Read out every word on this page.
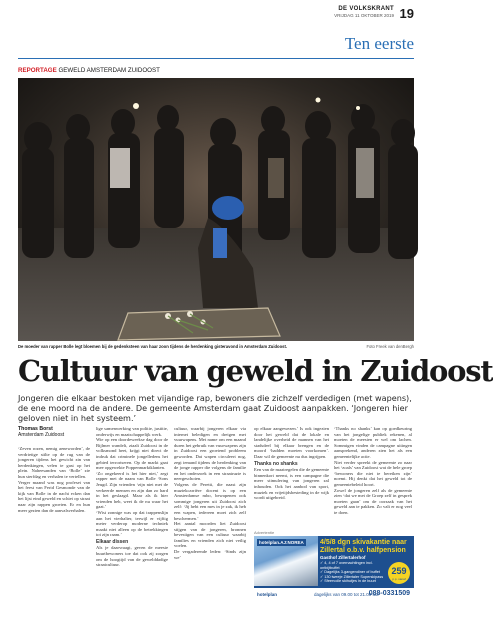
DE VOLKSKRANT
VRIJDAG 11 OKTOBER 2019 19
Ten eerste
REPORTAGE GEWELD AMSTERDAM ZUIDOOST
De moeder van rapper Bolle legt bloemen bij de gedenksteen van haar zoon tijdens de herdenking gisteravond in Amsterdam Zuidoost.	Foto Freek van denBergh
Cultuur van geweld in Zuidoost
Jongeren die elkaar bestoken met vijandige rap, bewoners die zichzelf verdedigen (met wapens), de ene moord na de andere. De gemeente Amsterdam gaat Zuidoost aanpakken. ‘Jongeren hier geloven niet in het systeem.’
Thomas Borst
Amsterdam Zuidoost

‘Zeven rozen, nemig aeneworden’, de verdrietige stilte op de rug van de jongeren tijdens het gewicht zin van herdenkingen, velen te gast op het plein. Naheesanden van ‘Bolle’ zie hun sterfdag en verhalen te vertellen.

Verger maand was nog profeset van het feest van Ferid Gesmonde van de kijk van Bolle in de nacht ecken dan het lijst eind geweld en schiet op straat naar zijn rappen groeien. Er en hun meer gezien dan de aanvalsverhalen.

lige samenwerking van politie, justitie, onderwijs en maatschappelijk werk.

Wie op een doordeweekse dag door de Bijlmer wandelt, ziaalt Zuidoost in de volksmond heet, krijgt niet direct de indruk dat criminele jongelledens het gebied terroriseren. Op de markt gaat mee opgewekte Poppenmarktklanten.

‘Zo ongekeerd is het hier niet,’ zegt rapper met de naam van Bolle ‘Sons Jeugd. Zijn vrienden ‘zijn niet met de verkeerde mensen en zijn dan zo hard in het geslaagd. Maar als ik hier vrienden heb, weet ik de nu waar het gaat.’

‘Wist zonnige was op dat trappenslijn aan het vierhalter, terwijl er vijftig meter verderop moderne techniek maakt niet alleen op de betrekkingen tot zijn raam.’

Elkaar dissen

Als je daarvraagt, geven de meeste buurtbewoners toe dat ook zij zorgen om de hoogtijd van de gewelddadige straatcultuur.

cultuur, waarbij jongeren elkaar via internet beledigen en dreigen met vuurwapens. Met name om een maand duren het gebruik van vuurwapens zijn in Zuidoost een groeiend probleem geworden. Dat wapen circuleert nog, zegt iemand tijdens de herdenking van de jonge rapper die volgens de familie en het onderzoek in een straatruzie is neergeschoten.

Volgens de Peretti, die naast zijn muziekcarrière docent is op een Amsterdamse mbo, bewapenen ook sommige jongeren uit Zuidoost zich zelf: ‘Jij hebt een mes in je zak, ik heb een wapen, iedereen moet zich zelf beschermen.’

Het aantal moorden liet Zuidoost stijgen van de jongeren, bronnen bevestigen van een cultuur waarbij families en vrienden zich niet veilig voelen.

De vergaderende leden: ‘Sinds zijn we’

op elkaar aangewezen.’ Is ook ingezien door het geweld dat de lokale en landelijke overheid de mannen van het stadsdeel bij elkaar brengen en de moord ‘hadden moeten voorkomen’. Daar wil de gemeente nu dus ingrijpen.

Thanks no shanks

Een van de maatregelen die de gemeente binnenkort neemt, is een campagne die meer stimulering van jongeren zal inhouden. Ook het aanbod van sport, muziek en vrijetijdsbesteding in de wijk wordt uitgebreid.

‘Thanks no shanks’ kan op goedkeuring van het jongelige publiek rekenen, al moeten de meesten er wel om lachen. Sommigen vinden de campagne uitingen aansprekend, anderen zien het als een gemeentelijke actie.

Niet verder spreekt de gemeente zo naar het ‘zoals’ van Zuidoost wat de hele groep ‘bewoners die niet te bereiken zijn’ noemt. Hij denkt dat het geweld tot de gemeentebeleid hoort.

Zowel de jongeren zelf als de gemeente zien ‘dat we met de Groep zelf in gesprek moeten gaan’ om de oorzaak van het geweld aan te pakken. Zo valt er nog veel te doen.

Advertentie
hotelplan.AJ:NOREA 4/5/8 dgn skivakantie naar Zillertal o.b.v. halfpension
Gasthof Zillertalerhof
✓ 4, 4 of 7 overnachtingen incl. ontbijtbuffet
✓ Dagelijks 3-gangendiner of buffet
✓ 130 tweeje Zillertaler Superskipass
✓ Sfeervolle skihutjes in de buurt
259
p.p. vanaf
hotelplan	dagelijks van 09.00 tot 21.00 uur
088-0331509
